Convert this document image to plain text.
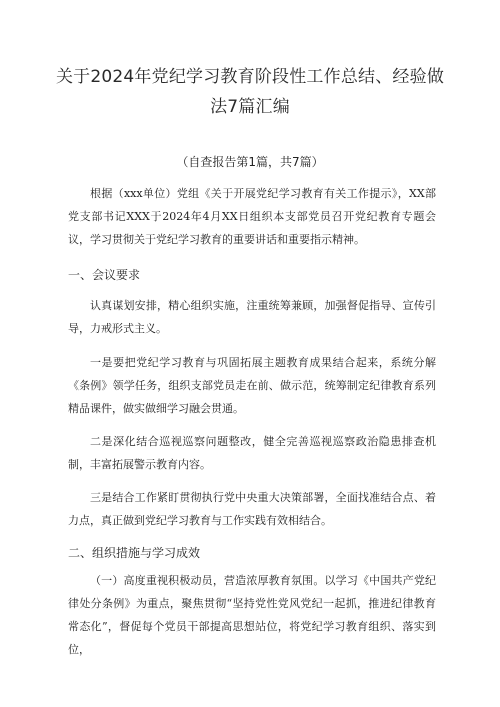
关于2024年党纪学习教育阶段性工作总结、经验做法7篇汇编
（自查报告第1篇，共7篇）
根据（xxx单位）党组《关于开展党纪学习教育有关工作提示》，XX部党支部书记XXX于2024年4月XX日组织本支部党员召开党纪教育专题会议，学习贯彻关于党纪学习教育的重要讲话和重要指示精神。
一、会议要求
认真谋划安排，精心组织实施，注重统筹兼顾，加强督促指导、宣传引导，力戒形式主义。
一是要把党纪学习教育与巩固拓展主题教育成果结合起来，系统分解《条例》领学任务，组织支部党员走在前、做示范，统筹制定纪律教育系列精品课件，做实做细学习融会贯通。
二是深化结合巡视巡察问题整改，健全完善巡视巡察政治隐患排查机制，丰富拓展警示教育内容。
三是结合工作紧盯贯彻执行党中央重大决策部署，全面找准结合点、着力点，真正做到党纪学习教育与工作实践有效相结合。
二、组织措施与学习成效
（一）高度重视积极动员，营造浓厚教育氛围。以学习《中国共产党纪律处分条例》为重点，聚焦贯彻“坚持党性党风党纪一起抓，推进纪律教育常态化”，督促每个党员干部提高思想站位，将党纪学习教育组织、落实到位，
